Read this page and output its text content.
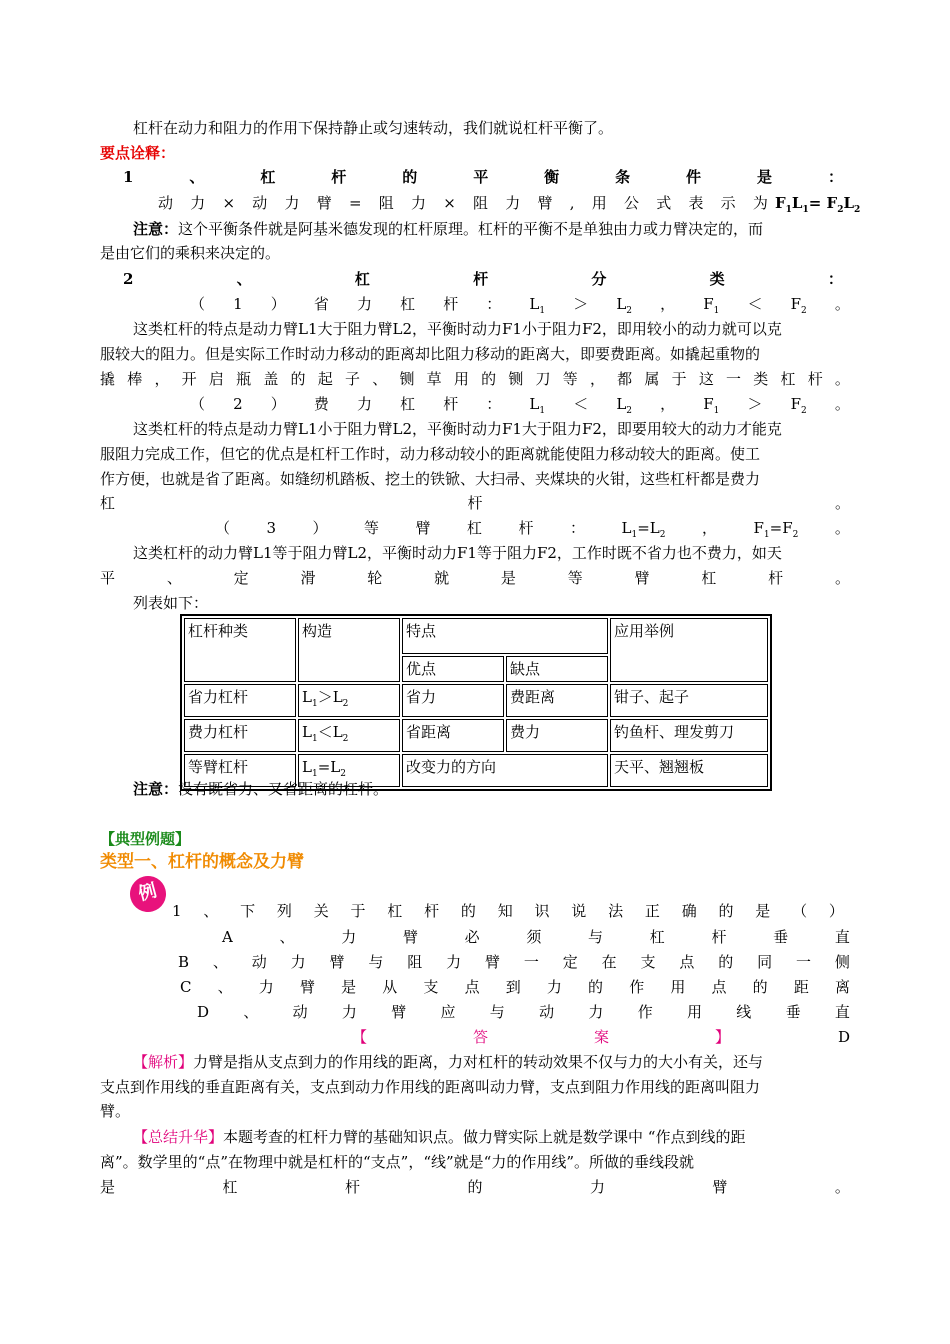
杠杆在动力和阻力的作用下保持静止或匀速转动，我们就说杠杆平衡了。
要点诠释：
1	、	杠	杆	的	平	衡	条	件	是	：
动 力 × 动 力 臂 = 阻 力 × 阻 力 臂 , 用 公 式 表 示 为 $F_1L_1= F_2L_2$
注意：这个平衡条件就是阿基米德发现的杠杆原理。杠杆的平衡不是单独由力或力臂决定的，而
是由它们的乘积来决定的。
2	、	杠	杆	分	类	：
（ 1 ） 省 力 杠 杆 ： $L_1 > L_2$ ， $F_1 < F_2$ 。
这类杠杆的特点是动力臂L1大于阻力臂L2，平衡时动力F1小于阻力F2，即用较小的动力就可以克
服较大的阻力。但是实际工作时动力移动的距离却比阻力移动的距离大，即要费距离。如撬起重物的
撬 棒 ， 开 启 瓶 盖 的 起 子 、 铡 草 用 的 铡 刀 等 ， 都 属 于 这 一 类 杠 杆 。
（ 2 ） 费 力 杠 杆 ： $L_1 < L_2$ ， $F_1 > F_2$ 。
这类杠杆的特点是动力臂L1小于阻力臂L2，平衡时动力F1大于阻力F2，即要用较大的动力才能克
服阻力完成工作，但它的优点是杠杆工作时，动力移动较小的距离就能使阻力移动较大的距离。使工
作方便，也就是省了距离。如缝纫机踏板、挖土的铁锨、大扫帚、夹煤块的火钳，这些杠杆都是费力
杠	杆	。
（ 3 ） 等 臂 杠 杆 ： $L_1=L_2$ ， $F_1=F_2$ 。
这类杠杆的动力臂L1等于阻力臂L2，平衡时动力F1等于阻力F2，工作时既不省力也不费力，如天
平	、	定	滑	轮	就	是	等	臂	杠	杆	。
列表如下：
杠杆种类	构造	特点		应用举例
		优点	缺点	
省力杠杆	$L_1>L_2$	省力	费距离	钳子、起子
费力杠杆	$L_1<L_2$	省距离	费力	钓鱼杆、理发剪刀
等臂杠杆	$L_1=L_2$	改变力的方向		天平、翘翘板
注意：没有既省力、又省距离的杠杆。
【典型例题】
类型一、杠杆的概念及力臂
例
1 、 下 列 关 于 杠 杆 的 知 识 说 法 正 确 的 是 （ ）
A	、	力	臂	必	须	与	杠	杆	垂	直
B 、 动 力 臂 与 阻 力 臂 一 定 在 支 点 的 同 一 侧
C 、 力 臂 是 从 支 点 到 力 的 作 用 点 的 距 离
D 、 动 力 臂 应 与 动 力 作 用 线 垂 直
【	答	案	】	D
【解析】力臂是指从支点到力的作用线的距离，力对杠杆的转动效果不仅与力的大小有关，还与
支点到作用线的垂直距离有关，支点到动力作用线的距离叫动力臂，支点到阻力作用线的距离叫阻力
臂。
【总结升华】本题考查的杠杆力臂的基础知识点。做力臂实际上就是数学课中 “作点到线的距
离”。数学里的“点”在物理中就是杠杆的“支点”，“线”就是“力的作用线”。所做的垂线段就
是	杠	杆	的	力	臂	。
